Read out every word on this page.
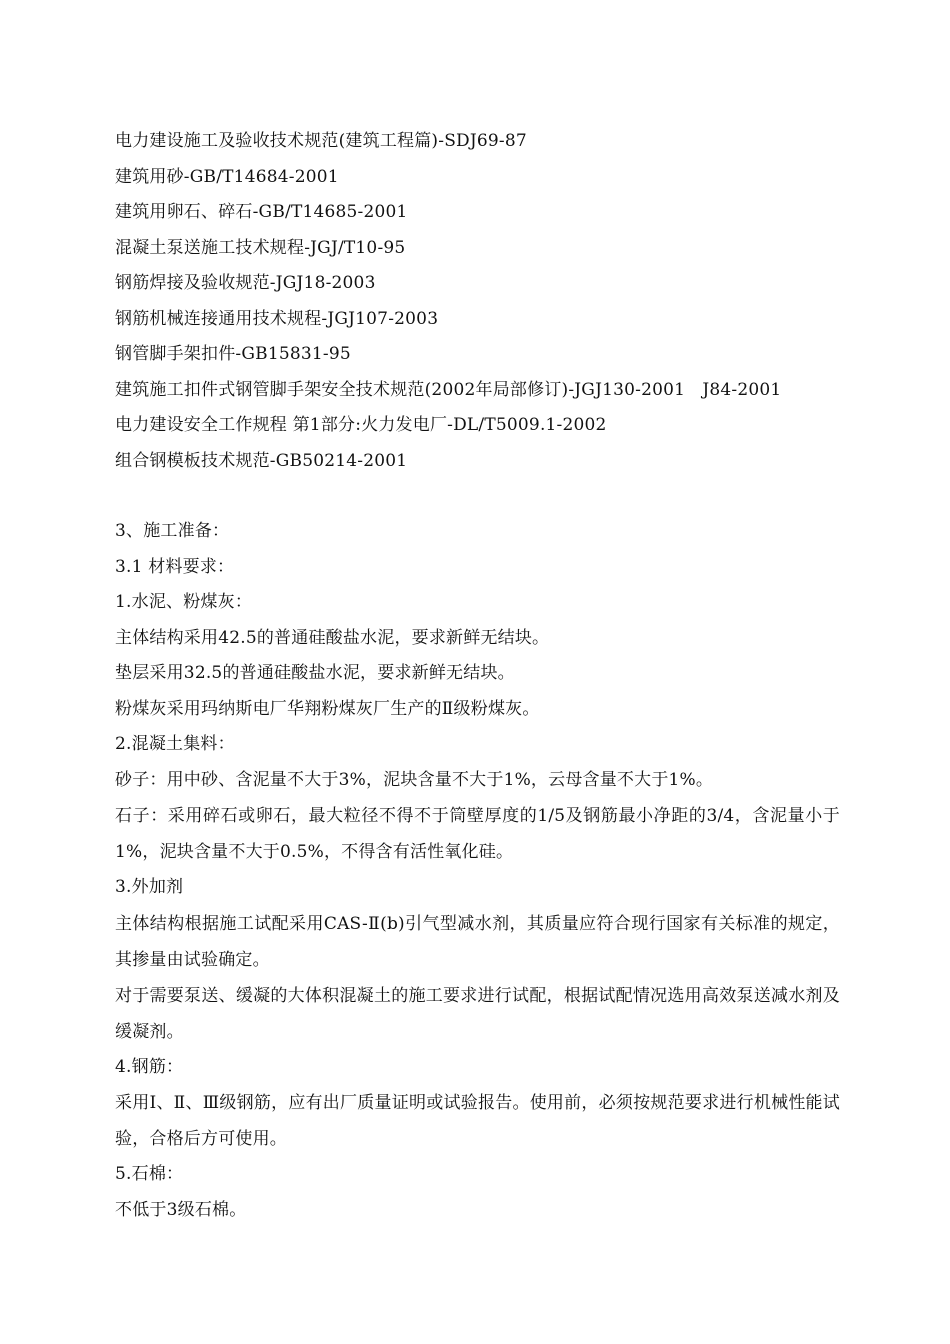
电力建设施工及验收技术规范(建筑工程篇)-SDJ69-87
建筑用砂-GB/T14684-2001
建筑用卵石、碎石-GB/T14685-2001
混凝土泵送施工技术规程-JGJ/T10-95
钢筋焊接及验收规范-JGJ18-2003
钢筋机械连接通用技术规程-JGJ107-2003
钢管脚手架扣件-GB15831-95
建筑施工扣件式钢管脚手架安全技术规范(2002年局部修订)-JGJ130-2001　J84-2001
电力建设安全工作规程 第1部分:火力发电厂-DL/T5009.1-2002
组合钢模板技术规范-GB50214-2001
3、施工准备：
3.1 材料要求：
1.水泥、粉煤灰：
主体结构采用42.5的普通硅酸盐水泥，要求新鲜无结块。
垫层采用32.5的普通硅酸盐水泥，要求新鲜无结块。
粉煤灰采用玛纳斯电厂华翔粉煤灰厂生产的Ⅱ级粉煤灰。
2.混凝土集料：
砂子：用中砂、含泥量不大于3%，泥块含量不大于1%，云母含量不大于1%。
石子：采用碎石或卵石，最大粒径不得不于筒壁厚度的1/5及钢筋最小净距的3/4，含泥量小于1%，泥块含量不大于0.5%，不得含有活性氧化硅。
3.外加剂
主体结构根据施工试配采用CAS-Ⅱ(b)引气型减水剂，其质量应符合现行国家有关标准的规定，其掺量由试验确定。
对于需要泵送、缓凝的大体积混凝土的施工要求进行试配，根据试配情况选用高效泵送减水剂及缓凝剂。
4.钢筋：
采用Ⅰ、Ⅱ、Ⅲ级钢筋，应有出厂质量证明或试验报告。使用前，必须按规范要求进行机械性能试验，合格后方可使用。
5.石棉：
不低于3级石棉。
